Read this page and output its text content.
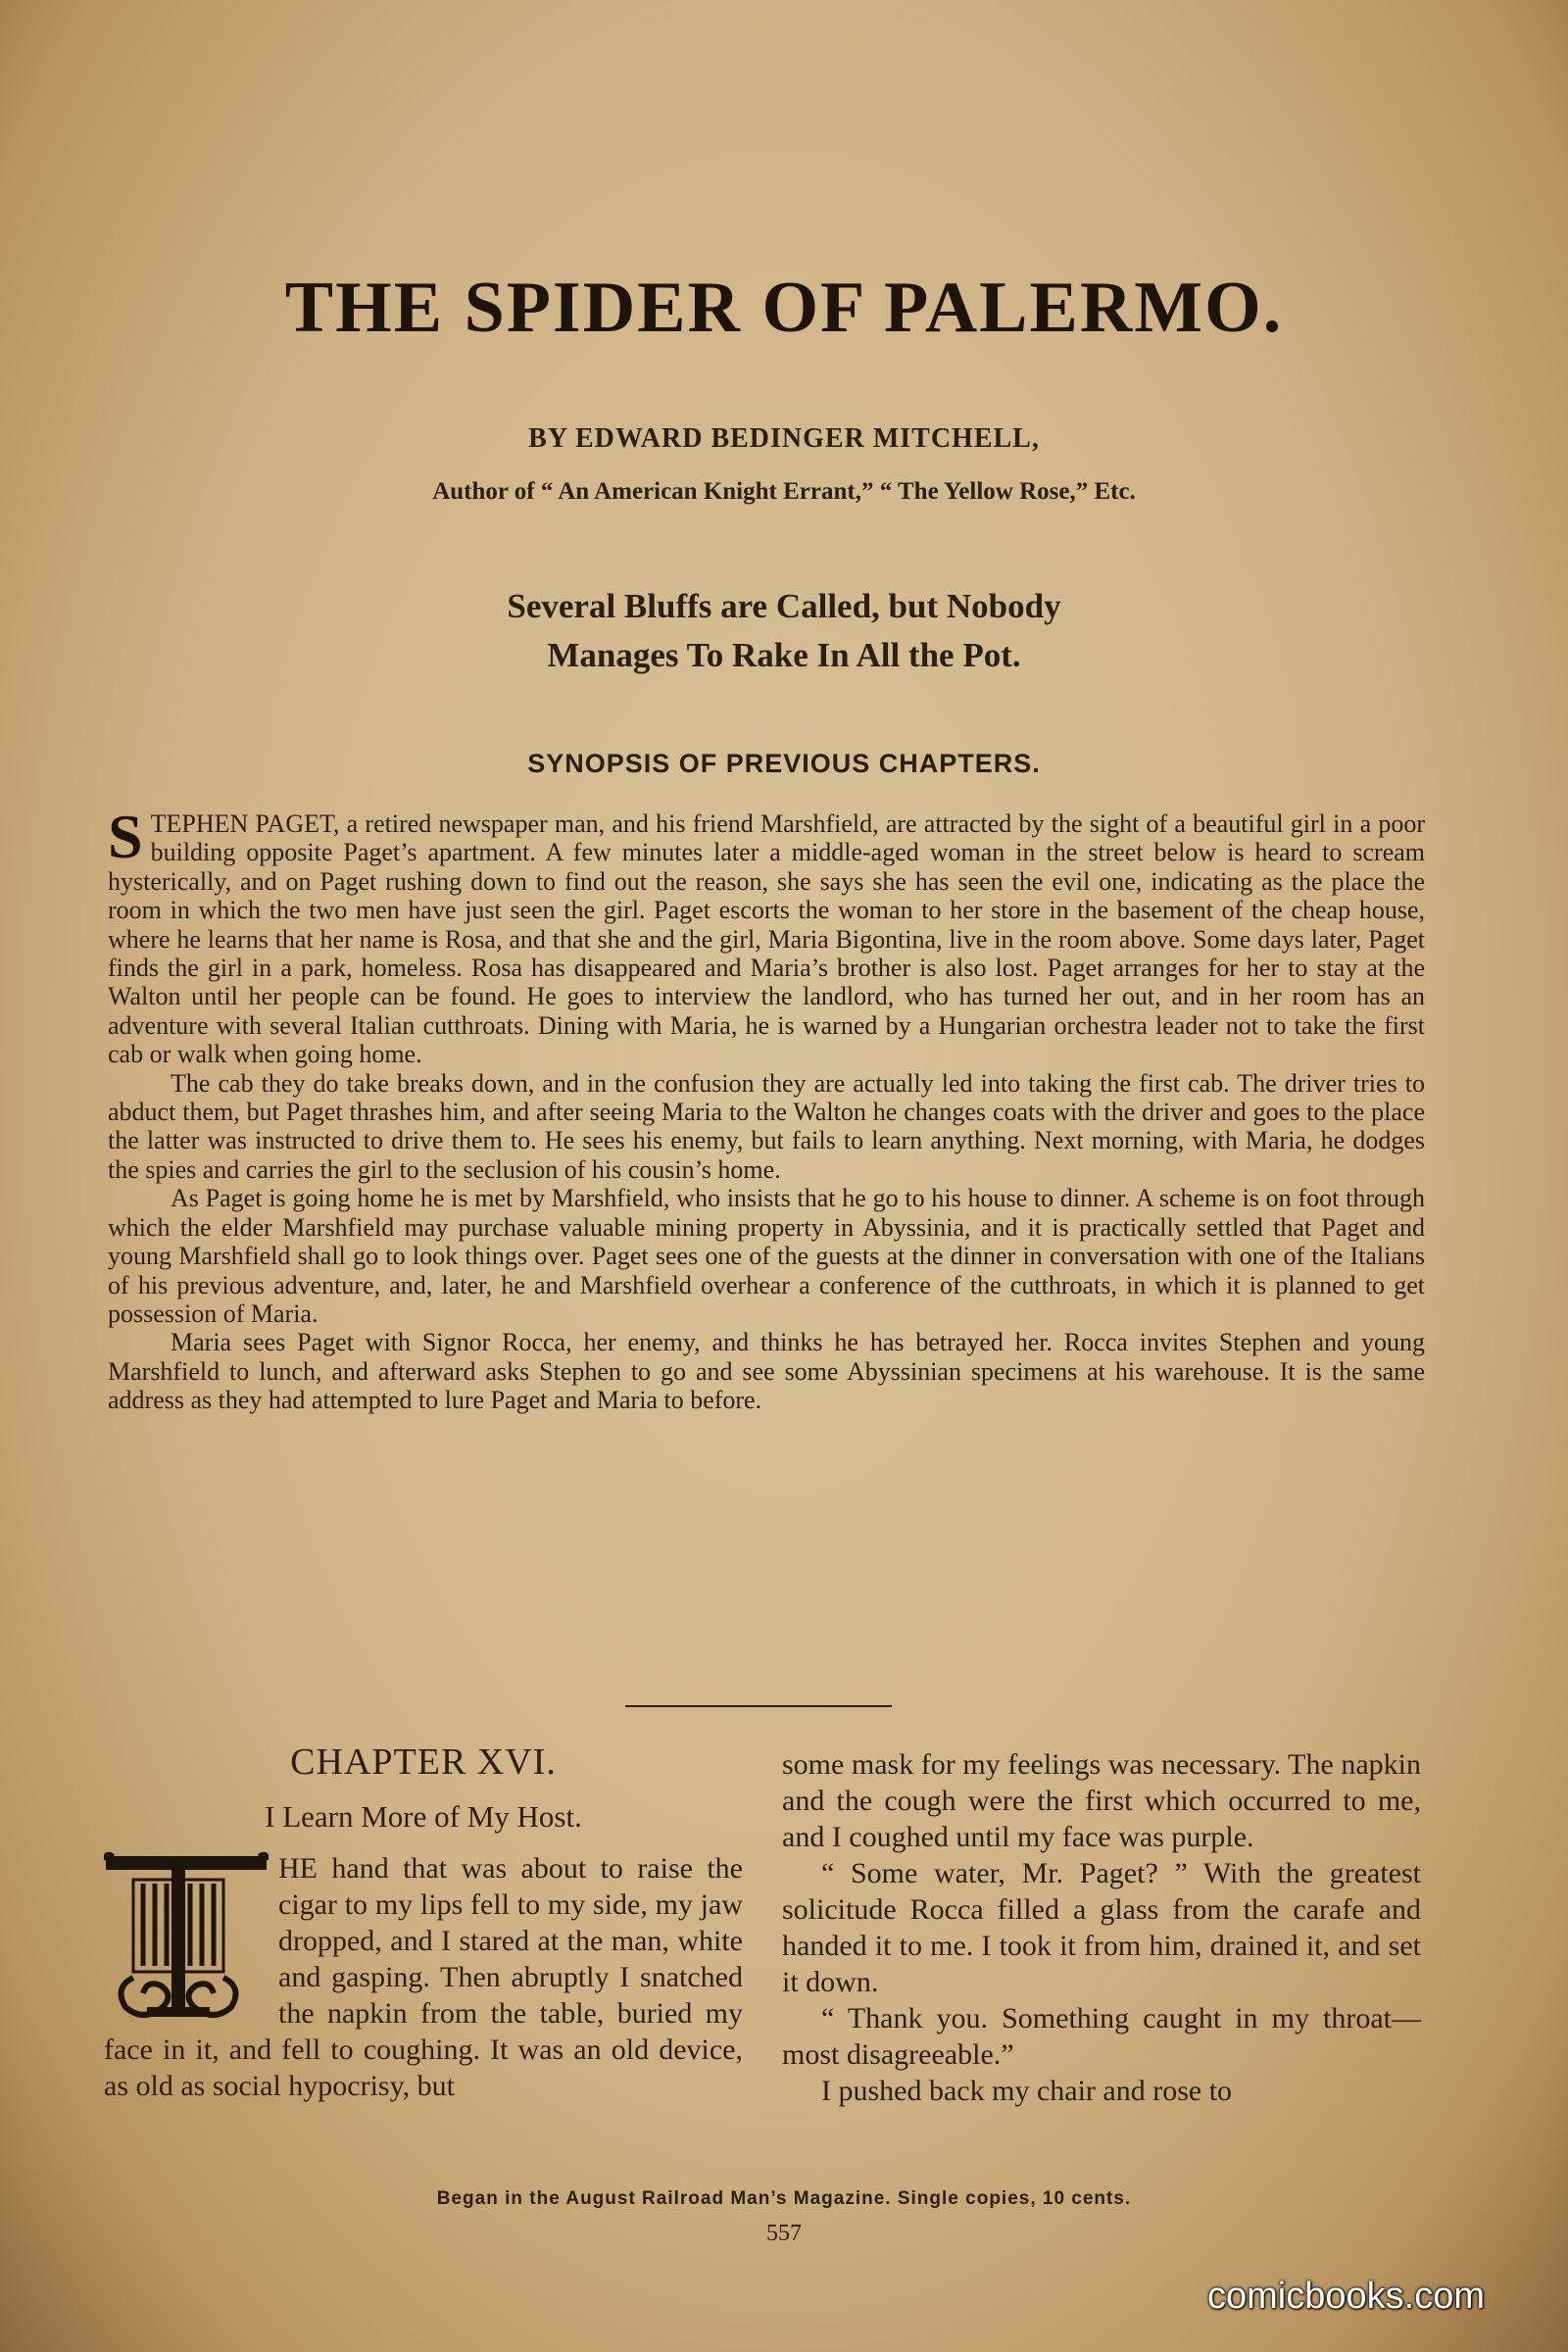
THE SPIDER OF PALERMO.

BY EDWARD BEDINGER MITCHELL,

Author of “ An American Knight Errant,” “ The Yellow Rose,” Etc.

Several Bluffs are Called, but Nobody
Manages To Rake In All the Pot.

SYNOPSIS OF PREVIOUS CHAPTERS.

STEPHEN PAGET, a retired newspaper man, and his friend Marshfield, are attracted by the sight of a beautiful girl in a poor building opposite Paget’s apartment. A few minutes later a middle-aged woman in the street below is heard to scream hysterically, and on Paget rushing down to find out the reason, she says she has seen the evil one, indicating as the place the room in which the two men have just seen the girl. Paget escorts the woman to her store in the basement of the cheap house, where he learns that her name is Rosa, and that she and the girl, Maria Bigontina, live in the room above. Some days later, Paget finds the girl in a park, homeless. Rosa has disappeared and Maria’s brother is also lost. Paget arranges for her to stay at the Walton until her people can be found. He goes to interview the landlord, who has turned her out, and in her room has an adventure with several Italian cutthroats. Dining with Maria, he is warned by a Hungarian orchestra leader not to take the first cab or walk when going home.

The cab they do take breaks down, and in the confusion they are actually led into taking the first cab. The driver tries to abduct them, but Paget thrashes him, and after seeing Maria to the Walton he changes coats with the driver and goes to the place the latter was instructed to drive them to. He sees his enemy, but fails to learn anything. Next morning, with Maria, he dodges the spies and carries the girl to the seclusion of his cousin’s home.

As Paget is going home he is met by Marshfield, who insists that he go to his house to dinner. A scheme is on foot through which the elder Marshfield may purchase valuable mining property in Abyssinia, and it is practically settled that Paget and young Marshfield shall go to look things over. Paget sees one of the guests at the dinner in conversation with one of the Italians of his previous adventure, and, later, he and Marshfield overhear a conference of the cutthroats, in which it is planned to get possession of Maria.

Maria sees Paget with Signor Rocca, her enemy, and thinks he has betrayed her. Rocca invites Stephen and young Marshfield to lunch, and afterward asks Stephen to go and see some Abyssinian specimens at his warehouse. It is the same address as they had attempted to lure Paget and Maria to before.

CHAPTER XVI.

I Learn More of My Host.

HE hand that was about to raise the cigar to my lips fell to my side, my jaw dropped, and I stared at the man, white and gasping. Then abruptly I snatched the napkin from the table, buried my face in it, and fell to coughing. It was an old device, as old as social hypocrisy, but

some mask for my feelings was necessary. The napkin and the cough were the first which occurred to me, and I coughed until my face was purple.

“ Some water, Mr. Paget? ” With the greatest solicitude Rocca filled a glass from the carafe and handed it to me. I took it from him, drained it, and set it down.

“ Thank you. Something caught in my throat—most disagreeable.”

I pushed back my chair and rose to

Began in the August Railroad Man’s Magazine. Single copies, 10 cents.

557

comicbooks.com
